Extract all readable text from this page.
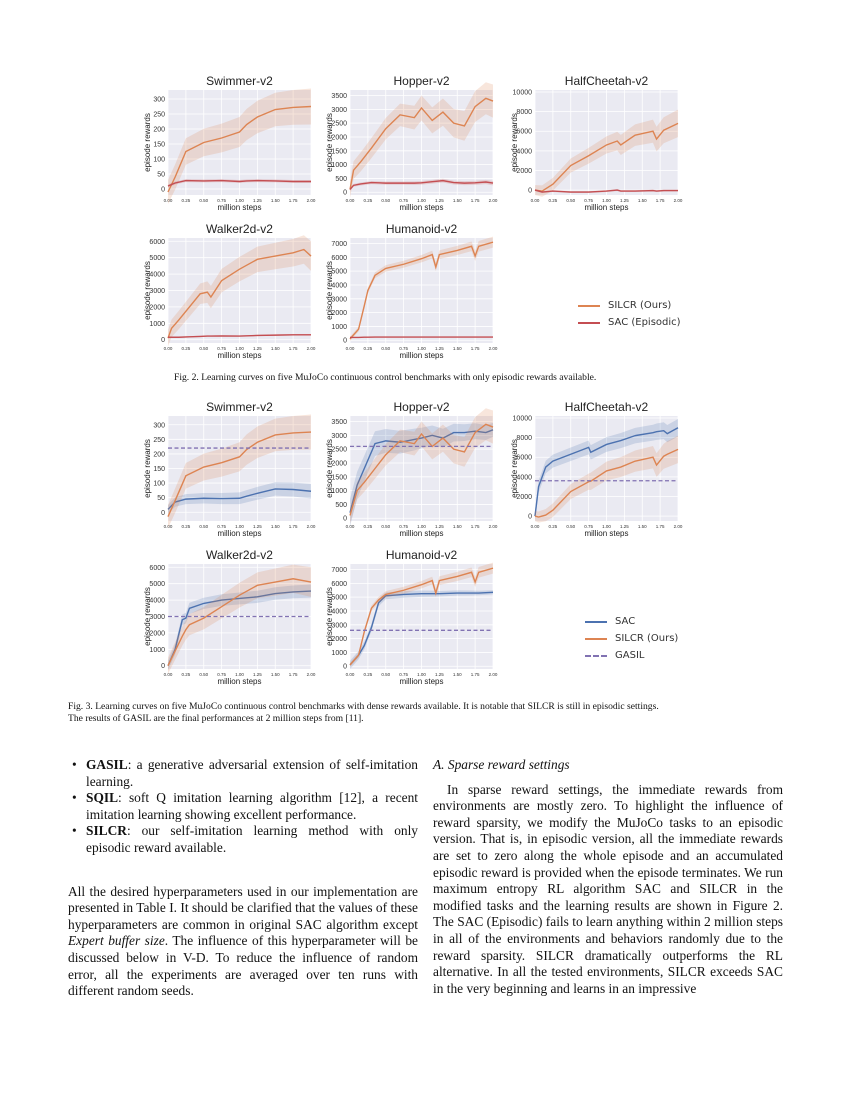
0.00 0.25 0.50 0.75 1.00 1.25 1.50 1.75 2.00
0
50
100
150
200
250
300
Swimmer-v2
million steps
episode rewards
0.00 0.25 0.50 0.75 1.00 1.25 1.50 1.75 2.00
0
500
1000
1500
2000
2500
3000
3500
Hopper-v2
million steps
episode rewards
0.00 0.25 0.50 0.75 1.00 1.25 1.50 1.75 2.00
0
2000
4000
6000
8000
10000
HalfCheetah-v2
million steps
episode rewards
0.00 0.25 0.50 0.75 1.00 1.25 1.50 1.75 2.00
0
1000
2000
3000
4000
5000
6000
Walker2d-v2
million steps
episode rewards
0.00 0.25 0.50 0.75 1.00 1.25 1.50 1.75 2.00
0
1000
2000
3000
4000
5000
6000
7000
Humanoid-v2
million steps
episode rewards	SILCR (Ours)
SAC (Episodic)
Fig. 2. Learning curves on five MuJoCo continuous control benchmarks with only episodic rewards available.
0.00 0.25 0.50 0.75 1.00 1.25 1.50 1.75 2.00
0
50
100
150
200
250
300
Swimmer-v2
million steps
episode rewards
0.00 0.25 0.50 0.75 1.00 1.25 1.50 1.75 2.00
0
500
1000
1500
2000
2500
3000
3500
Hopper-v2
million steps
episode rewards
0.00 0.25 0.50 0.75 1.00 1.25 1.50 1.75 2.00
0
2000
4000
6000
8000
10000
HalfCheetah-v2
million steps
episode rewards
0.00 0.25 0.50 0.75 1.00 1.25 1.50 1.75 2.00
0
1000
2000
3000
4000
5000
6000
Walker2d-v2
million steps
episode rewards
0.00 0.25 0.50 0.75 1.00 1.25 1.50 1.75 2.00
0
1000
2000
3000
4000
5000
6000
7000
Humanoid-v2
million steps
episode rewards	SAC
SILCR (Ours)
GASIL
Fig. 3. Learning curves on five MuJoCo continuous control benchmarks with dense rewards available. It is notable that SILCR is still in episodic settings.
The results of GASIL are the final performances at 2 million steps from [11].
• GASIL: a generative adversarial extension of self-imitation learning.
• SQIL: soft Q imitation learning algorithm [12], a recent imitation learning showing excellent performance.
• SILCR: our self-imitation learning method with only episodic reward available.

All the desired hyperparameters used in our implementation are presented in Table I. It should be clarified that the values of these hyperparameters are common in original SAC algorithm except Expert buffer size. The influence of this hyperparameter will be discussed below in V-D. To reduce the influence of random error, all the experiments are averaged over ten runs with different random seeds.

A. Sparse reward settings

In sparse reward settings, the immediate rewards from environments are mostly zero. To highlight the influence of reward sparsity, we modify the MuJoCo tasks to an episodic version. That is, in episodic version, all the immediate rewards are set to zero along the whole episode and an accumulated episodic reward is provided when the episode terminates. We run maximum entropy RL algorithm SAC and SILCR in the modified tasks and the learning results are shown in Figure 2. The SAC (Episodic) fails to learn anything within 2 million steps in all of the environments and behaviors randomly due to the reward sparsity. SILCR dramatically outperforms the RL alternative. In all the tested environments, SILCR exceeds SAC in the very beginning and learns in an impressive
